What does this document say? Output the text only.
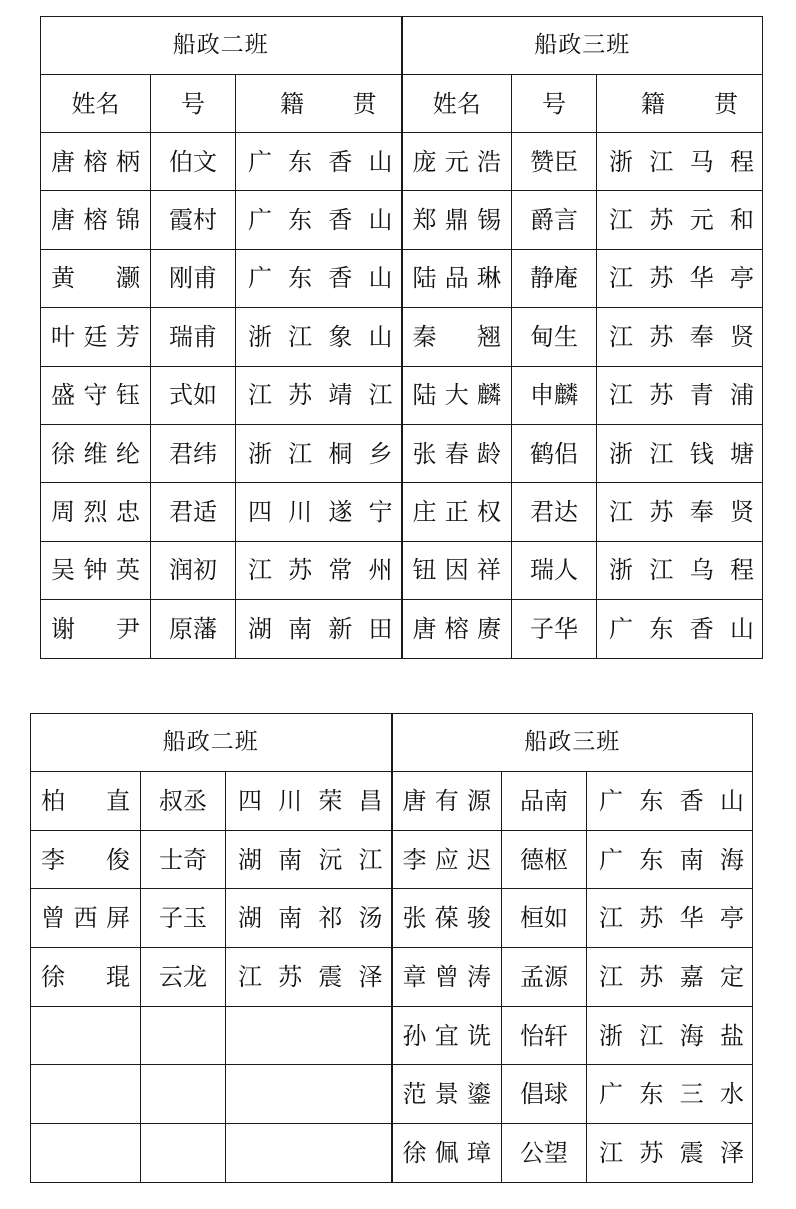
船政二班			船政三班		
姓名	号	籍贯	姓名	号	籍贯
唐榕柄	伯文	广东香山	庞元浩	赞臣	浙江马程
唐榕锦	霞村	广东香山	郑鼎锡	爵言	江苏元和
黄灏	刚甫	广东香山	陆品琳	静庵	江苏华亭
叶廷芳	瑞甫	浙江象山	秦翘	甸生	江苏奉贤
盛守钰	式如	江苏靖江	陆大麟	申麟	江苏青浦
徐维纶	君纬	浙江桐乡	张春龄	鹤侣	浙江钱塘
周烈忠	君适	四川遂宁	庄正权	君达	江苏奉贤
吴钟英	润初	江苏常州	钮因祥	瑞人	浙江乌程
谢尹	原藩	湖南新田	唐榕赓	子华	广东香山
船政二班			船政三班		
柏直	叔丞	四川荣昌	唐有源	品南	广东香山
李俊	士奇	湖南沅江	李应迟	德枢	广东南海
曾西屏	子玉	湖南祁汤	张葆骏	桓如	江苏华亭
徐琨	云龙	江苏震泽	章曾涛	孟源	江苏嘉定
			孙宜诜	怡轩	浙江海盐
			范景鎏	倡球	广东三水
			徐佩璋	公望	江苏震泽
